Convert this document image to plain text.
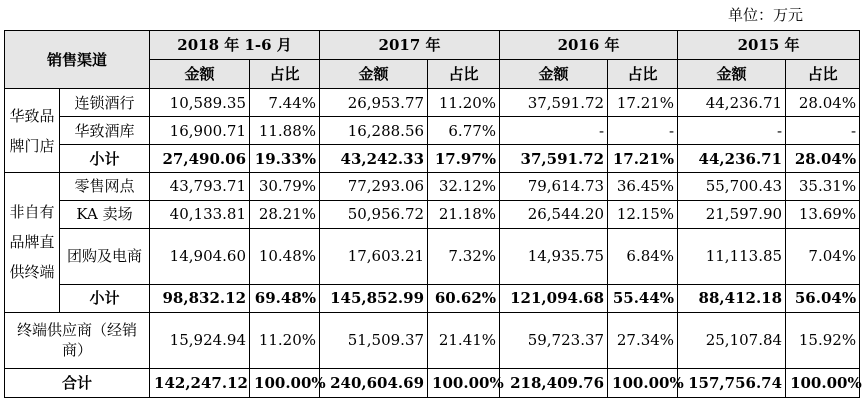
单位：万元
销售渠道		2018 年 1-6 月		2017 年		2016 年		2015 年	
		金额	占比	金额	占比	金额	占比	金额	占比
华致品牌门店	连锁酒行	10,589.35	7.44%	26,953.77	11.20%	37,591.72	17.21%	44,236.71	28.04%
	华致酒库	16,900.71	11.88%	16,288.56	6.77%	-	-	-	-
	小计	27,490.06	19.33%	43,242.33	17.97%	37,591.72	17.21%	44,236.71	28.04%
非自有品牌直供终端	零售网点	43,793.71	30.79%	77,293.06	32.12%	79,614.73	36.45%	55,700.43	35.31%
	KA 卖场	40,133.81	28.21%	50,956.72	21.18%	26,544.20	12.15%	21,597.90	13.69%
	团购及电商	14,904.60	10.48%	17,603.21	7.32%	14,935.75	6.84%	11,113.85	7.04%
	小计	98,832.12	69.48%	145,852.99	60.62%	121,094.68	55.44%	88,412.18	56.04%
终端供应商（经销商）		15,924.94	11.20%	51,509.37	21.41%	59,723.37	27.34%	25,107.84	15.92%
合计		142,247.12	100.00%	240,604.69	100.00%	218,409.76	100.00%	157,756.74	100.00%
